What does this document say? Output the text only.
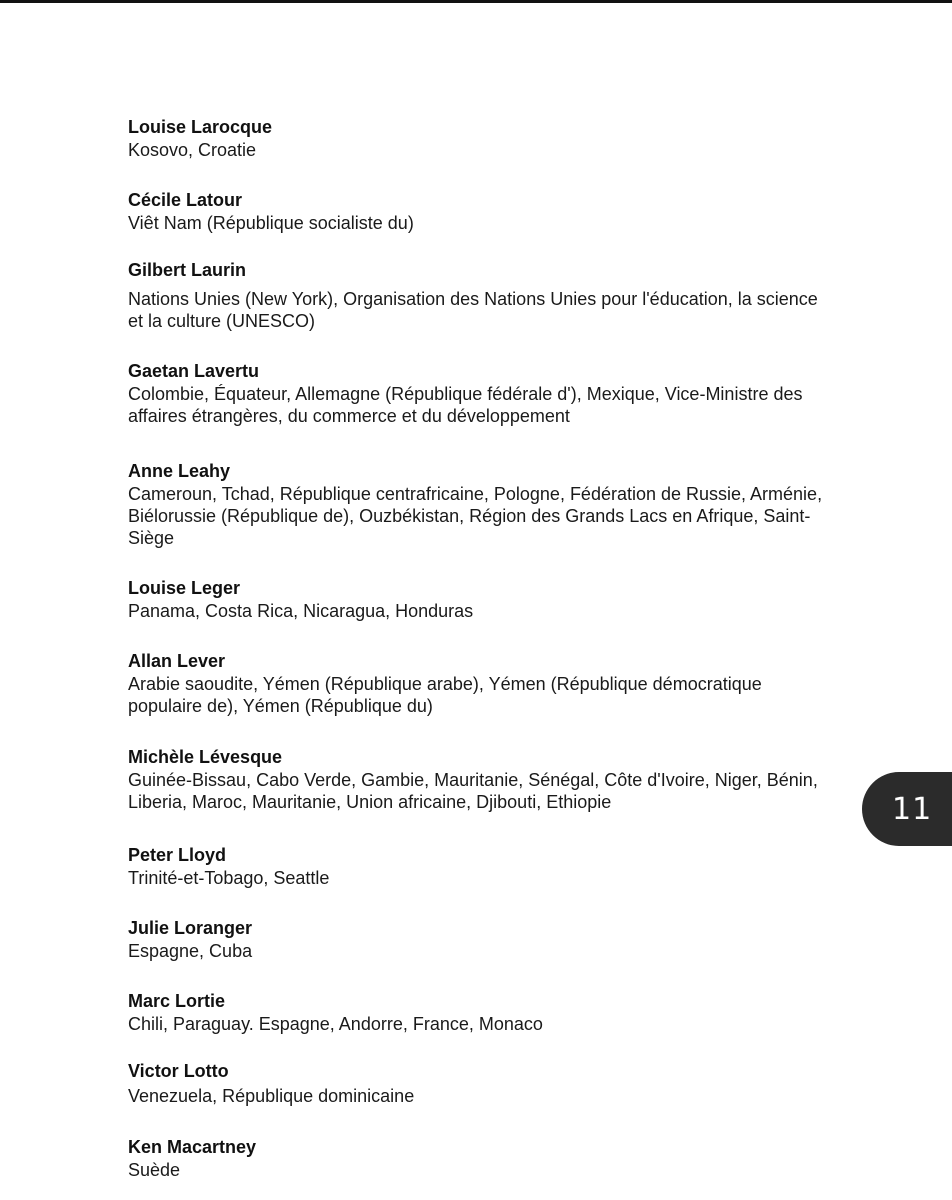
Louise Larocque
Kosovo, Croatie
Cécile Latour
Viêt Nam (République socialiste du)
Gilbert Laurin
Nations Unies (New York), Organisation des Nations Unies pour l'éducation, la science et la culture (UNESCO)
Gaetan Lavertu
Colombie, Équateur, Allemagne (République fédérale d'), Mexique, Vice-Ministre des affaires étrangères, du commerce et du développement
Anne Leahy
Cameroun, Tchad, République centrafricaine, Pologne, Fédération de Russie, Arménie, Biélorussie (République de), Ouzbékistan, Région des Grands Lacs en Afrique, Saint-Siège
Louise Leger
Panama, Costa Rica, Nicaragua, Honduras
Allan Lever
Arabie saoudite, Yémen (République arabe), Yémen (République démocratique populaire de), Yémen (République du)
Michèle Lévesque
Guinée-Bissau, Cabo Verde, Gambie, Mauritanie, Sénégal, Côte d'Ivoire, Niger, Bénin, Liberia, Maroc, Mauritanie, Union africaine, Djibouti, Ethiopie
Peter Lloyd
Trinité-et-Tobago, Seattle
Julie Loranger
Espagne, Cuba
Marc Lortie
Chili, Paraguay. Espagne, Andorre, France, Monaco
Victor Lotto
Venezuela, République dominicaine
Ken Macartney
Suède
11
